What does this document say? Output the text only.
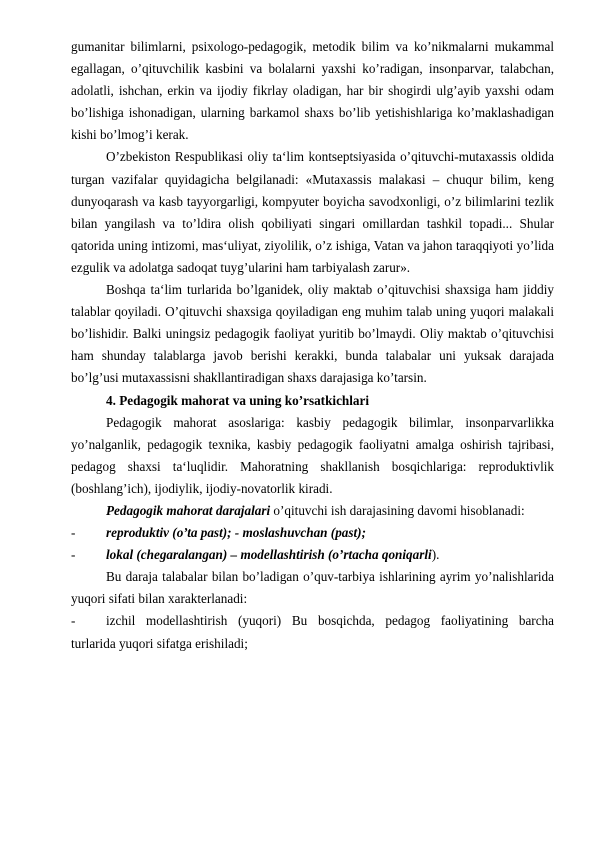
gumanitar bilimlarni, psixologo-pedagogik, metodik bilim va ko’nikmalarni mukammal egallagan, o’qituvchilik kasbini va bolalarni yaxshi ko’radigan, insonparvar, talabchan, adolatli, ishchan, erkin va ijodiy fikrlay oladigan, har bir shogirdi ulg’ayib yaxshi odam bo’lishiga ishonadigan, ularning barkamol shaxs bo’lib yetishishlariga ko’maklashadigan kishi bo’lmog’i kerak.

O’zbekiston Respublikasi oliy ta‘lim kontseptsiyasida o’qituvchi-mutaxassis oldida turgan vazifalar quyidagicha belgilanadi: «Mutaxassis malakasi – chuqur bilim, keng dunyoqarash va kasb tayyorgarligi, kompyuter boyicha savodxonligi, o’z bilimlarini tezlik bilan yangilash va to’ldira olish qobiliyati singari omillardan tashkil topadi... Shular qatorida uning intizomi, mas‘uliyat, ziyolilik, o’z ishiga, Vatan va jahon taraqqiyoti yo’lida ezgulik va adolatga sadoqat tuyg’ularini ham tarbiyalash zarur».

Boshqa ta‘lim turlarida bo’lganidek, oliy maktab o’qituvchisi shaxsiga ham jiddiy talablar qoyiladi. O’qituvchi shaxsiga qoyiladigan eng muhim talab uning yuqori malakali bo’lishidir. Balki uningsiz pedagogik faoliyat yuritib bo’lmaydi. Oliy maktab o’qituvchisi ham shunday talablarga javob berishi kerakki, bunda talabalar uni yuksak darajada bo’lg’usi mutaxassisni shakllantiradigan shaxs darajasiga ko’tarsin.

4. Pedagogik mahorat va uning ko’rsatkichlari

Pedagogik mahorat asoslariga: kasbiy pedagogik bilimlar, insonparvarlikka yo’nalganlik, pedagogik texnika, kasbiy pedagogik faoliyatni amalga oshirish tajribasi, pedagog shaxsi ta‘luqlidir. Mahoratning shakllanish bosqichlariga: reproduktivlik (boshlang’ich), ijodiylik, ijodiy-novatorlik kiradi.

Pedagogik mahorat darajalari o’qituvchi ish darajasining davomi hisoblanadi:

-	reproduktiv (o’ta past); - moslashuvchan (past);
-	lokal (chegaralangan) – modellashtirish (o’rtacha qoniqarli).

Bu daraja talabalar bilan bo’ladigan o’quv-tarbiya ishlarining ayrim yo’nalishlarida yuqori sifati bilan xarakterlanadi:

-	izchil modellashtirish (yuqori) Bu bosqichda, pedagog faoliyatining barcha

turlarida yuqori sifatga erishiladi;
